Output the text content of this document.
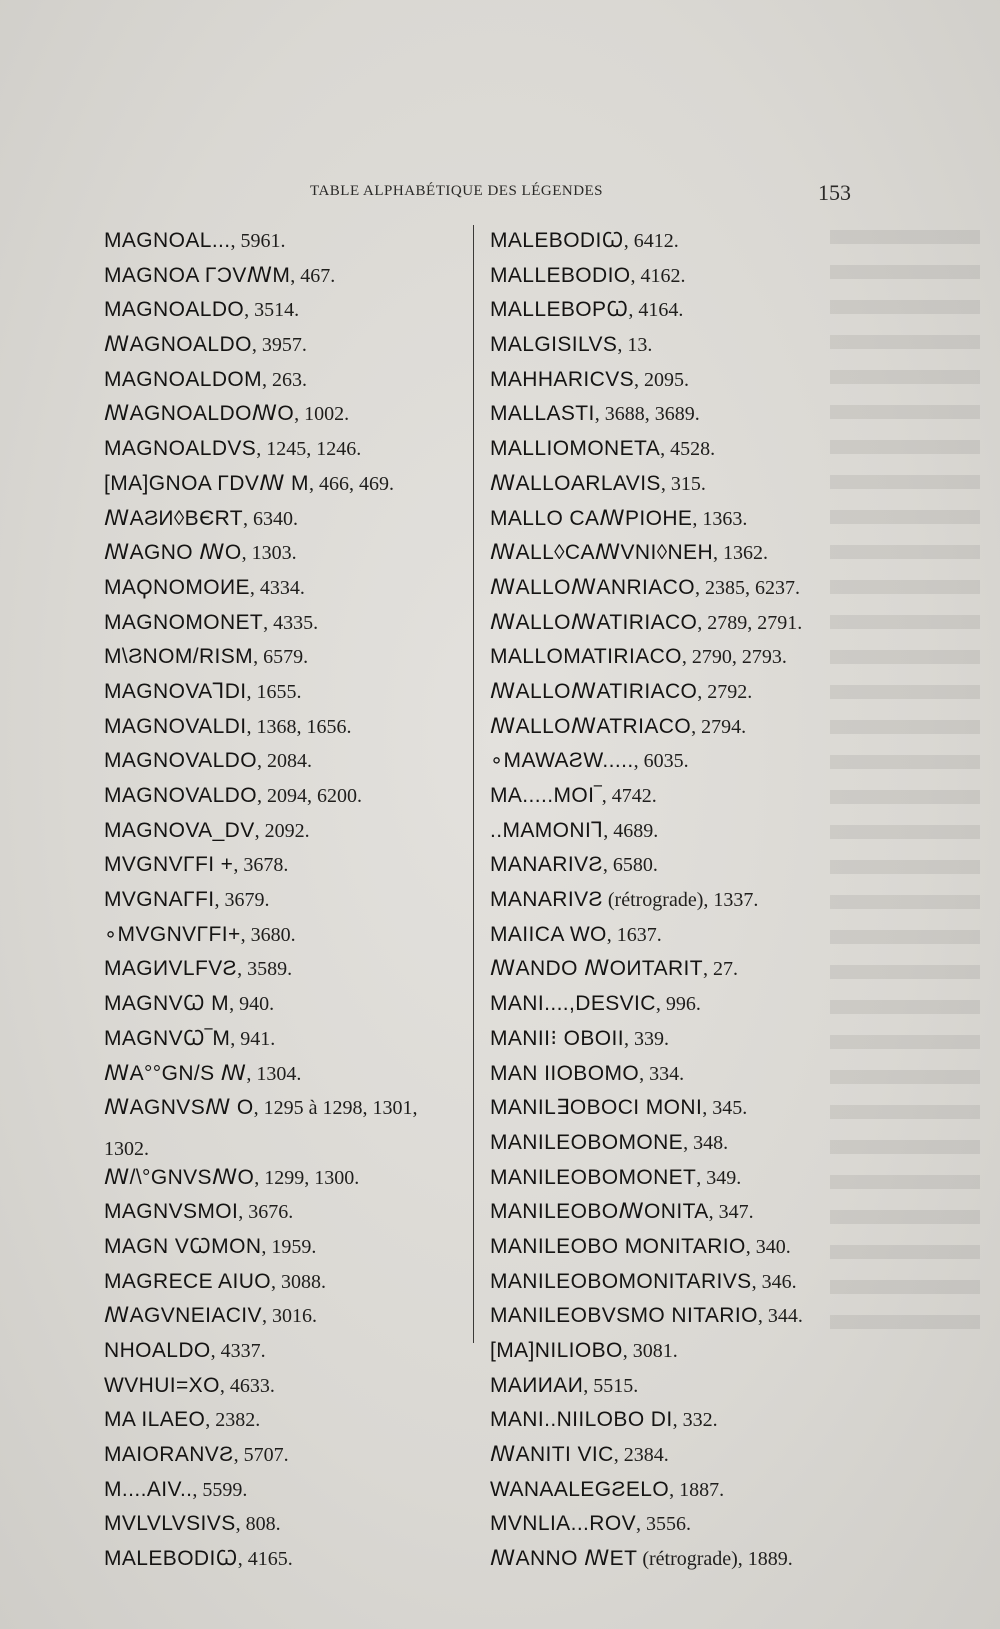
TABLE ALPHABÉTIQUE DES LÉGENDES	153
MAGNOAL..., 5961.
MAGNOA ΓƆVꟿM, 467.
MAGNOALDO, 3514.
ꟿAGNOALDO, 3957.
MAGNOALDOM, 263.
ꟿAGNOALDOꟿO, 1002.
MAGNOALDVS, 1245, 1246.
[MA]GNOA ΓDVꟿ M, 466, 469.
ꟿAϨИ◊BЄRT, 6340.
ꟿAGNO ꟿO, 1303.
MAϘNOMOИE, 4334.
MAGNOMONET, 4335.
M\ϨNOM/RISM, 6579.
MAGNOVAꓶDI, 1655.
MAGNOVALDI, 1368, 1656.
MAGNOVALDO, 2084.
MAGNOVALDO, 2094, 6200.
MAGNOVA_DV, 2092.
MVGNVΓFI +, 3678.
MVGNAΓFI, 3679.
∘MVGNVΓFI+, 3680.
MAGИVLFVƧ, 3589.
MAGNVꞶ M, 940.
MAGNVꞶ‾M, 941.
ꟿA°°GN/S ꟿ, 1304.
ꟿAGNVSꟿ O, 1295 à 1298, 1301, 1302.
ꟿ/\°GNVSꟿO, 1299, 1300.
MAGNVSMOI, 3676.
MAGN VꞶMON, 1959.
MAGRECE AIUO, 3088.
ꟿAGVNEIACIV, 3016.
NHOALDO, 4337.
WVHUI=XO, 4633.
MA ILAEO, 2382.
MAIORANVƧ, 5707.
M....AIV.., 5599.
MVLVLVSIVS, 808.
MALEBODIꞶ, 4165.
MALEBODIꞶ, 6412.
MALLEBODIO, 4162.
MALLEBOPꞶ, 4164.
MALGISILVS, 13.
MAHHARICVS, 2095.
MALLASTI, 3688, 3689.
MALLIOMONETA, 4528.
ꟿALLOARLAVIS, 315.
MALLO CAꟿPIOHE, 1363.
ꟿALL◊CAꟿVNI◊NEH, 1362.
ꟿALLOꟿANRIACO, 2385, 6237.
ꟿALLOꟿATIRIACO, 2789, 2791.
MALLOMATIRIACO, 2790, 2793.
ꟿALLOꟿATIRIACO, 2792.
ꟿALLOꟿATRIACO, 2794.
∘MAWAƧW....., 6035.
MA.....MOI‾, 4742.
..MAMONIꓶ, 4689.
MANARIVƧ, 6580.
MANARIVƧ (rétrograde), 1337.
MAIICA WO, 1637.
ꟿANDO ꟿOИTARIT, 27.
MANI....,DESVIC, 996.
MANII⁝ OBOII, 339.
MAN IIOBOMO, 334.
MANIL∃OBOCI MONI, 345.
MANILEOBOMONE, 348.
MANILEOBOMONET, 349.
MANILEOBOꟿONITA, 347.
MANILEOBO MONITARIO, 340.
MANILEOBOMONITARIVS, 346.
MANILEOBVSMO NITARIO, 344.
[MA]NILIOBO, 3081.
MAИИAИ, 5515.
MANI..NIILOBO DI, 332.
ꟿANITI VIC, 2384.
WANAALEGƧELO, 1887.
MVNLIA...ROV, 3556.
ꟿANNO ꟿET (rétrograde), 1889.
